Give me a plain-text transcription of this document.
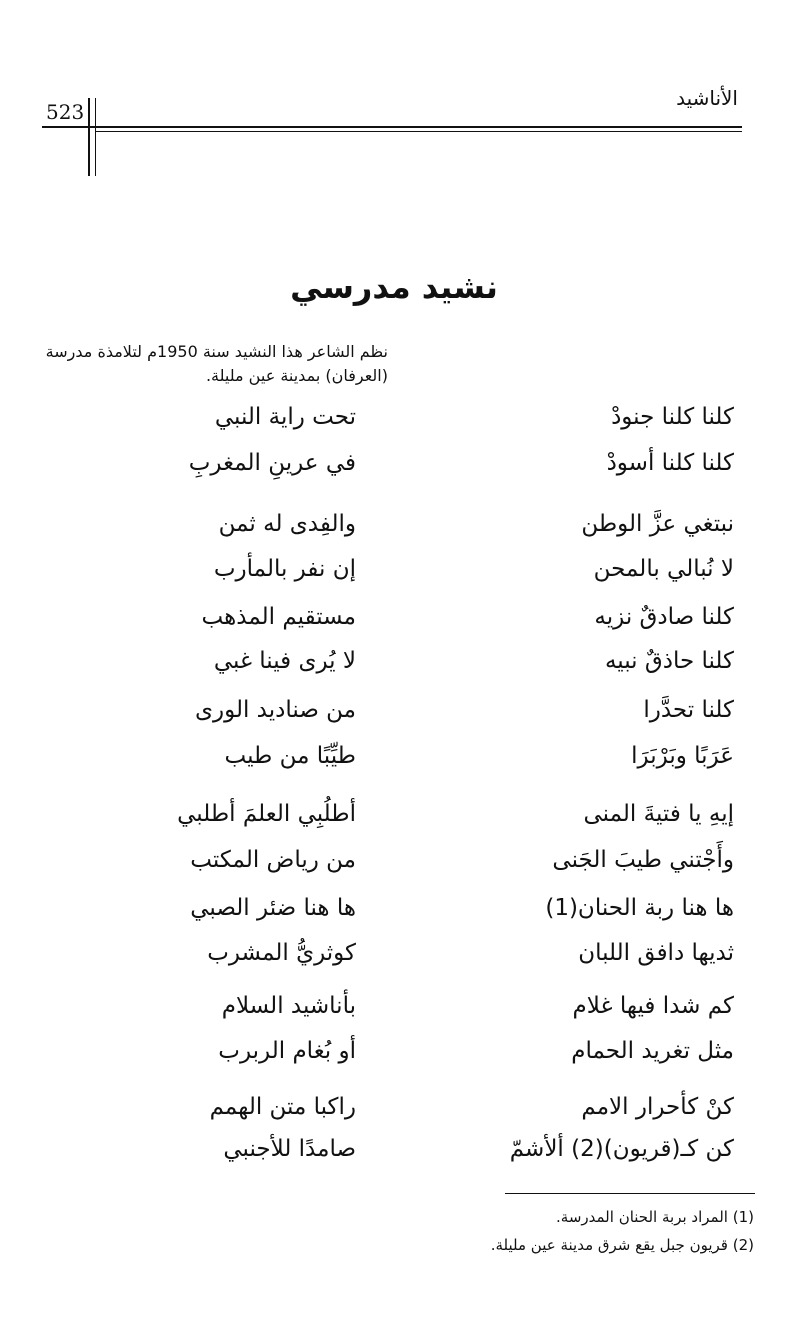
523
الأناشيد
نشيد مدرسي
نظم الشاعر هذا النشيد سنة 1950م لتلامذة مدرسة (العرفان) بمدينة عين مليلة.
كلنا كلنا جنودْ
تحت راية النبي
كلنا كلنا أسودْ
في عرينِ المغربِ
نبتغي عزَّ الوطن
والفِدى له ثمن
لا نُبالي بالمحن
إن نفر بالمأرب
كلنا صادقٌ نزيه
مستقيم المذهب
كلنا حاذقٌ نبيه
لا يُرى فينا غبي
كلنا تحدَّرا
من صناديد الورى
عَرَبًا وبَرْبَرَا
طيِّبًا من طيب
إيهِ يا فتيةَ المنى
أطلُبِي العلمَ أطلبي
وأَجْتني طيبَ الجَنى
من رياض المكتب
ها هنا ربة الحنان(1)
ها هنا ضئر الصبي
ثديها دافق اللبان
كوثريُّ المشرب
كم شدا فيها غلام
بأناشيد السلام
مثل تغريد الحمام
أو بُغام الربرب
كنْ كأحرار الامم
راكبا متن الهمم
كن كـ(قريون)(2) ألأشمّ
صامدًا للأجنبي
(1) المراد بربة الحنان المدرسة.
(2) قريون جبل يقع شرق مدينة عين مليلة.
